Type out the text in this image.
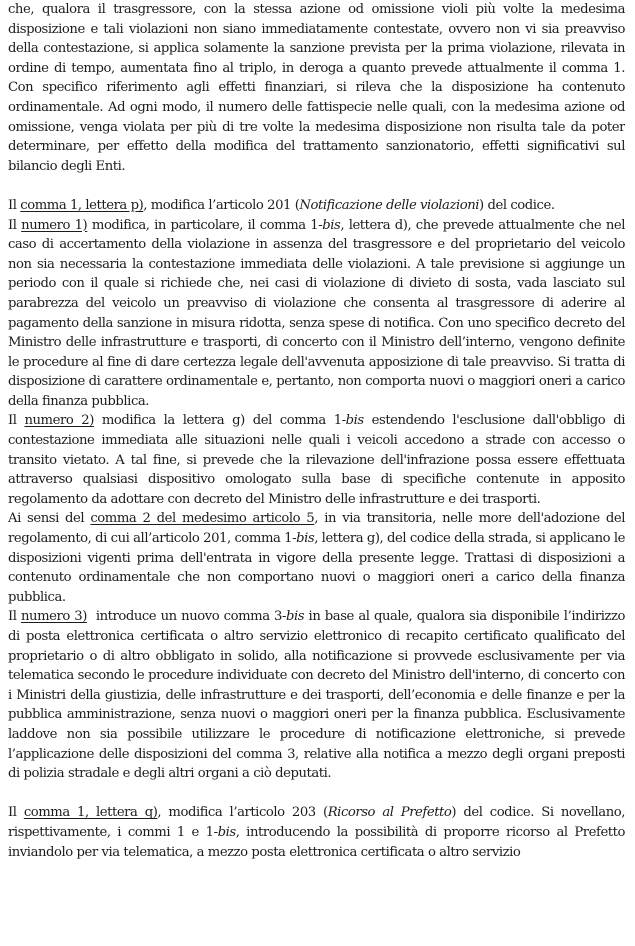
che, qualora il trasgressore, con la stessa azione od omissione violi più volte la medesima disposizione e tali violazioni non siano immediatamente contestate, ovvero non vi sia preavviso della contestazione, si applica solamente la sanzione prevista per la prima violazione, rilevata in ordine di tempo, aumentata fino al triplo, in deroga a quanto prevede attualmente il comma 1. Con specifico riferimento agli effetti finanziari, si rileva che la disposizione ha contenuto ordinamentale. Ad ogni modo, il numero delle fattispecie nelle quali, con la medesima azione od omissione, venga violata per più di tre volte la medesima disposizione non risulta tale da poter determinare, per effetto della modifica del trattamento sanzionatorio, effetti significativi sul bilancio degli Enti.

Il comma 1, lettera p), modifica l’articolo 201 (Notificazione delle violazioni) del codice.

Il numero 1) modifica, in particolare, il comma 1-bis, lettera d), che prevede attualmente che nel caso di accertamento della violazione in assenza del trasgressore e del proprietario del veicolo non sia necessaria la contestazione immediata delle violazioni. A tale previsione si aggiunge un periodo con il quale si richiede che, nei casi di violazione di divieto di sosta, vada lasciato sul parabrezza del veicolo un preavviso di violazione che consenta al trasgressore di aderire al pagamento della sanzione in misura ridotta, senza spese di notifica. Con uno specifico decreto del Ministro delle infrastrutture e trasporti, di concerto con il Ministro dell’interno, vengono definite le procedure al fine di dare certezza legale dell'avvenuta apposizione di tale preavviso. Si tratta di disposizione di carattere ordinamentale e, pertanto, non comporta nuovi o maggiori oneri a carico della finanza pubblica.

Il numero 2) modifica la lettera g) del comma 1-bis estendendo l'esclusione dall'obbligo di contestazione immediata alle situazioni nelle quali i veicoli accedono a strade con accesso o transito vietato. A tal fine, si prevede che la rilevazione dell'infrazione possa essere effettuata attraverso qualsiasi dispositivo omologato sulla base di specifiche contenute in apposito regolamento da adottare con decreto del Ministro delle infrastrutture e dei trasporti.

Ai sensi del comma 2 del medesimo articolo 5, in via transitoria, nelle more dell'adozione del regolamento, di cui all’articolo 201, comma 1-bis, lettera g), del codice della strada, si applicano le disposizioni vigenti prima dell'entrata in vigore della presente legge. Trattasi di disposizioni a contenuto ordinamentale che non comportano nuovi o maggiori oneri a carico della finanza pubblica.

Il numero 3)  introduce un nuovo comma 3-bis in base al quale, qualora sia disponibile l’indirizzo di posta elettronica certificata o altro servizio elettronico di recapito certificato qualificato del proprietario o di altro obbligato in solido, alla notificazione si provvede esclusivamente per via telematica secondo le procedure individuate con decreto del Ministro dell'interno, di concerto con i Ministri della giustizia, delle infrastrutture e dei trasporti, dell’economia e delle finanze e per la pubblica amministrazione, senza nuovi o maggiori oneri per la finanza pubblica. Esclusivamente laddove non sia possibile utilizzare le procedure di notificazione elettroniche, si prevede l’applicazione delle disposizioni del comma 3, relative alla notifica a mezzo degli organi preposti di polizia stradale e degli altri organi a ciò deputati.

Il comma 1, lettera q), modifica l’articolo 203 (Ricorso al Prefetto) del codice. Si novellano, rispettivamente, i commi 1 e 1-bis, introducendo la possibilità di proporre ricorso al Prefetto inviandolo per via telematica, a mezzo posta elettronica certificata o altro servizio
